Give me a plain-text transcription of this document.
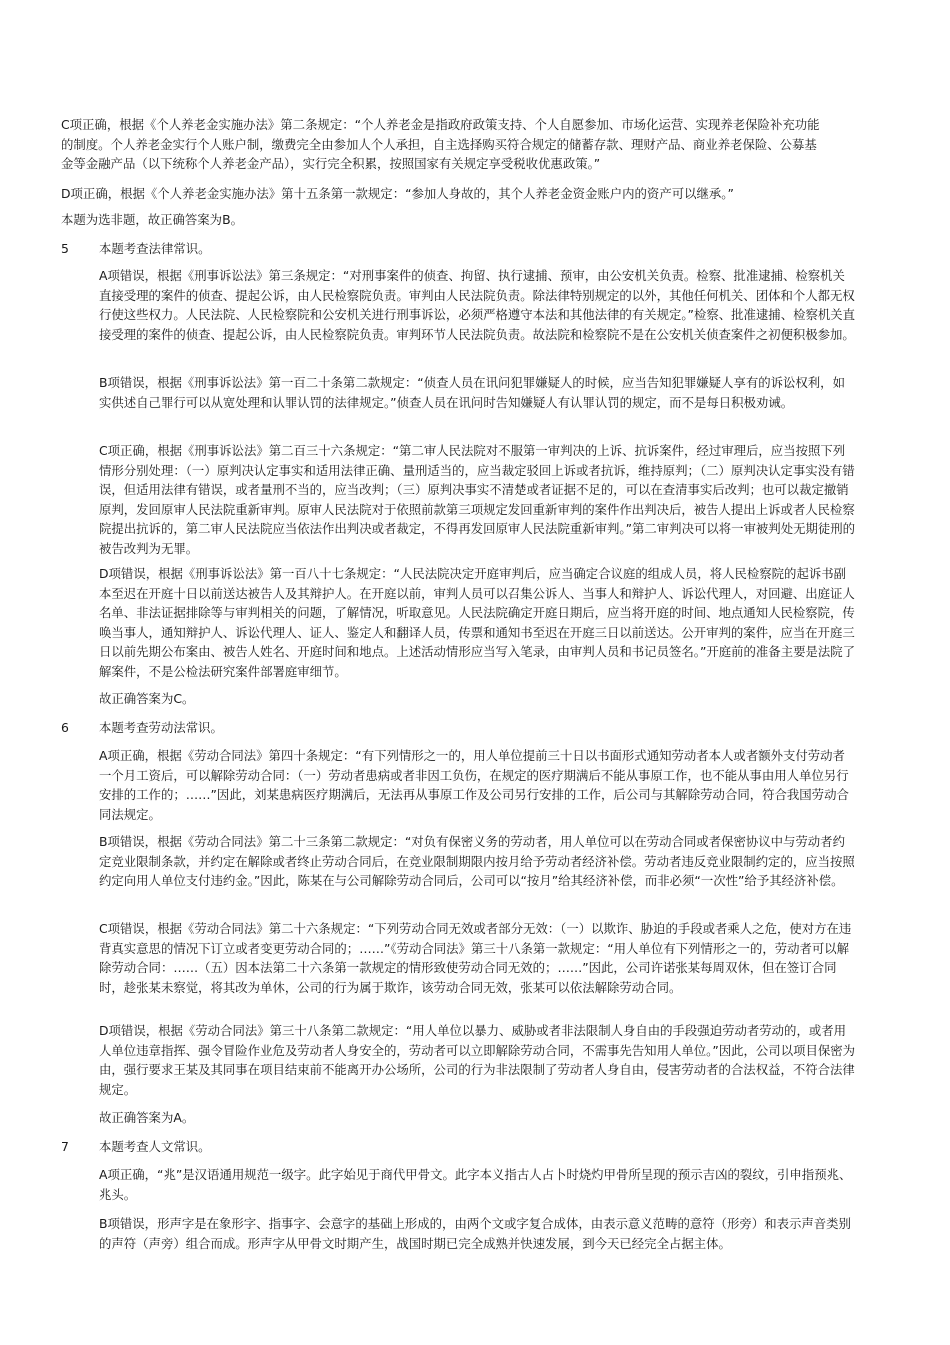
C项正确，根据《个人养老金实施办法》第二条规定：“个人养老金是指政府政策支持、个人自愿参加、市场化运营、实现养老保险补充功能的制度。个人养老金实行个人账户制，缴费完全由参加人个人承担，自主选择购买符合规定的储蓄存款、理财产品、商业养老保险、公募基金等金融产品（以下统称个人养老金产品），实行完全积累，按照国家有关规定享受税收优惠政策。”

D项正确，根据《个人养老金实施办法》第十五条第一款规定：“参加人身故的，其个人养老金资金账户内的资产可以继承。”

本题为选非题，故正确答案为B。

5 本题考查法律常识。

A项错误，根据《刑事诉讼法》第三条规定：“对刑事案件的侦查、拘留、执行逮捕、预审，由公安机关负责。检察、批准逮捕、检察机关直接受理的案件的侦查、提起公诉，由人民检察院负责。审判由人民法院负责。除法律特别规定的以外，其他任何机关、团体和个人都无权行使这些权力。人民法院、人民检察院和公安机关进行刑事诉讼，必须严格遵守本法和其他法律的有关规定。”检察、批准逮捕、检察机关直接受理的案件的侦查、提起公诉，由人民检察院负责。审判环节人民法院负责。故法院和检察院不是在公安机关侦查案件之初便积极参加。

B项错误，根据《刑事诉讼法》第一百二十条第二款规定：“侦查人员在讯问犯罪嫌疑人的时候，应当告知犯罪嫌疑人享有的诉讼权利，如实供述自己罪行可以从宽处理和认罪认罚的法律规定。”侦查人员在讯问时告知嫌疑人有认罪认罚的规定，而不是每日积极劝诫。

C项正确，根据《刑事诉讼法》第二百三十六条规定：“第二审人民法院对不服第一审判决的上诉、抗诉案件，经过审理后，应当按照下列情形分别处理：（一）原判决认定事实和适用法律正确、量刑适当的，应当裁定驳回上诉或者抗诉，维持原判；（二）原判决认定事实没有错误，但适用法律有错误，或者量刑不当的，应当改判；（三）原判决事实不清楚或者证据不足的，可以在查清事实后改判；也可以裁定撤销原判，发回原审人民法院重新审判。原审人民法院对于依照前款第三项规定发回重新审判的案件作出判决后，被告人提出上诉或者人民检察院提出抗诉的，第二审人民法院应当依法作出判决或者裁定，不得再发回原审人民法院重新审判。”第二审判决可以将一审被判处无期徒刑的被告改判为无罪。

D项错误，根据《刑事诉讼法》第一百八十七条规定：“人民法院决定开庭审判后，应当确定合议庭的组成人员，将人民检察院的起诉书副本至迟在开庭十日以前送达被告人及其辩护人。在开庭以前，审判人员可以召集公诉人、当事人和辩护人、诉讼代理人，对回避、出庭证人名单、非法证据排除等与审判相关的问题，了解情况，听取意见。人民法院确定开庭日期后，应当将开庭的时间、地点通知人民检察院，传唤当事人，通知辩护人、诉讼代理人、证人、鉴定人和翻译人员，传票和通知书至迟在开庭三日以前送达。公开审判的案件，应当在开庭三日以前先期公布案由、被告人姓名、开庭时间和地点。上述活动情形应当写入笔录，由审判人员和书记员签名。”开庭前的准备主要是法院了解案件，不是公检法研究案件部署庭审细节。

故正确答案为C。

6 本题考查劳动法常识。

A项正确，根据《劳动合同法》第四十条规定：“有下列情形之一的，用人单位提前三十日以书面形式通知劳动者本人或者额外支付劳动者一个月工资后，可以解除劳动合同：（一）劳动者患病或者非因工负伤，在规定的医疗期满后不能从事原工作，也不能从事由用人单位另行安排的工作的；……”因此，刘某患病医疗期满后，无法再从事原工作及公司另行安排的工作，后公司与其解除劳动合同，符合我国劳动合同法规定。

B项错误，根据《劳动合同法》第二十三条第二款规定：“对负有保密义务的劳动者，用人单位可以在劳动合同或者保密协议中与劳动者约定竞业限制条款，并约定在解除或者终止劳动合同后，在竞业限制期限内按月给予劳动者经济补偿。劳动者违反竞业限制约定的，应当按照约定向用人单位支付违约金。”因此，陈某在与公司解除劳动合同后，公司可以“按月”给其经济补偿，而非必须“一次性”给予其经济补偿。

C项错误，根据《劳动合同法》第二十六条规定：“下列劳动合同无效或者部分无效：（一）以欺诈、胁迫的手段或者乘人之危，使对方在违背真实意思的情况下订立或者变更劳动合同的；……”《劳动合同法》第三十八条第一款规定：“用人单位有下列情形之一的，劳动者可以解除劳动合同：……（五）因本法第二十六条第一款规定的情形致使劳动合同无效的；……”因此，公司许诺张某每周双休，但在签订合同时，趁张某未察觉，将其改为单休，公司的行为属于欺诈，该劳动合同无效，张某可以依法解除劳动合同。

D项错误，根据《劳动合同法》第三十八条第二款规定：“用人单位以暴力、威胁或者非法限制人身自由的手段强迫劳动者劳动的，或者用人单位违章指挥、强令冒险作业危及劳动者人身安全的，劳动者可以立即解除劳动合同，不需事先告知用人单位。”因此，公司以项目保密为由，强行要求王某及其同事在项目结束前不能离开办公场所，公司的行为非法限制了劳动者人身自由，侵害劳动者的合法权益，不符合法律规定。

故正确答案为A。

7 本题考查人文常识。

A项正确，“兆”是汉语通用规范一级字。此字始见于商代甲骨文。此字本义指古人占卜时烧灼甲骨所呈现的预示吉凶的裂纹，引申指预兆、兆头。

B项错误，形声字是在象形字、指事字、会意字的基础上形成的，由两个文或字复合成体，由表示意义范畴的意符（形旁）和表示声音类别的声符（声旁）组合而成。形声字从甲骨文时期产生，战国时期已完全成熟并快速发展，到今天已经完全占据主体。
